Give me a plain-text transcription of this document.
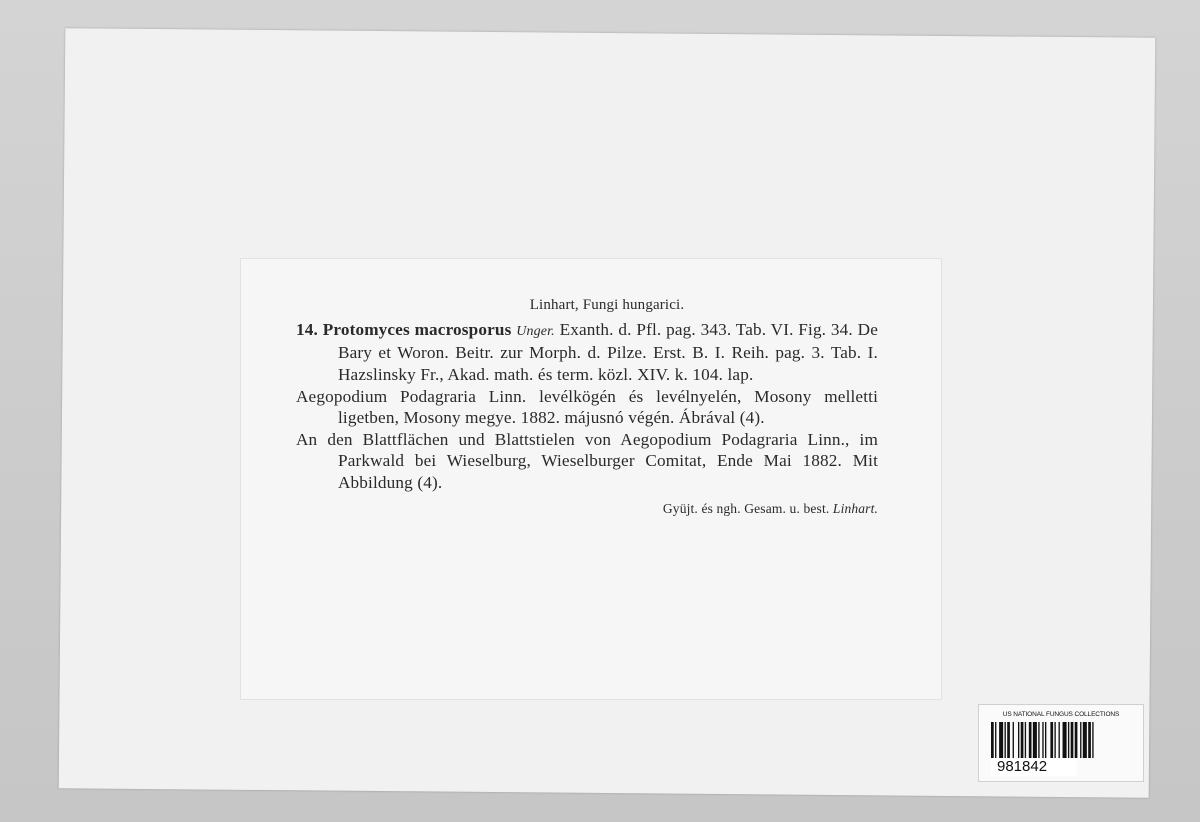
Linhart, Fungi hungarici.

14. Protomyces macrosporus Unger. Exanth. d. Pfl. pag. 343. Tab. VI. Fig. 34. De Bary et Woron. Beitr. zur Morph. d. Pilze. Erst. B. I. Reih. pag. 3. Tab. I. Hazslinsky Fr., Akad. math. és term. közl. XIV. k. 104. lap.

Aegopodium Podagraria Linn. levélkögén és levélnyelén, Mosony melletti ligetben, Mosony megye. 1882. májusnó végén. Ábrával (4).

An den Blattflächen und Blattstielen von Aegopodium Podagraria Linn., im Parkwald bei Wieselburg, Wieselburger Comitat, Ende Mai 1882. Mit Abbildung (4).

Gyüjt. és ngh. Gesam. u. best. Linhart.
US NATIONAL FUNGUS COLLECTIONS
981842
